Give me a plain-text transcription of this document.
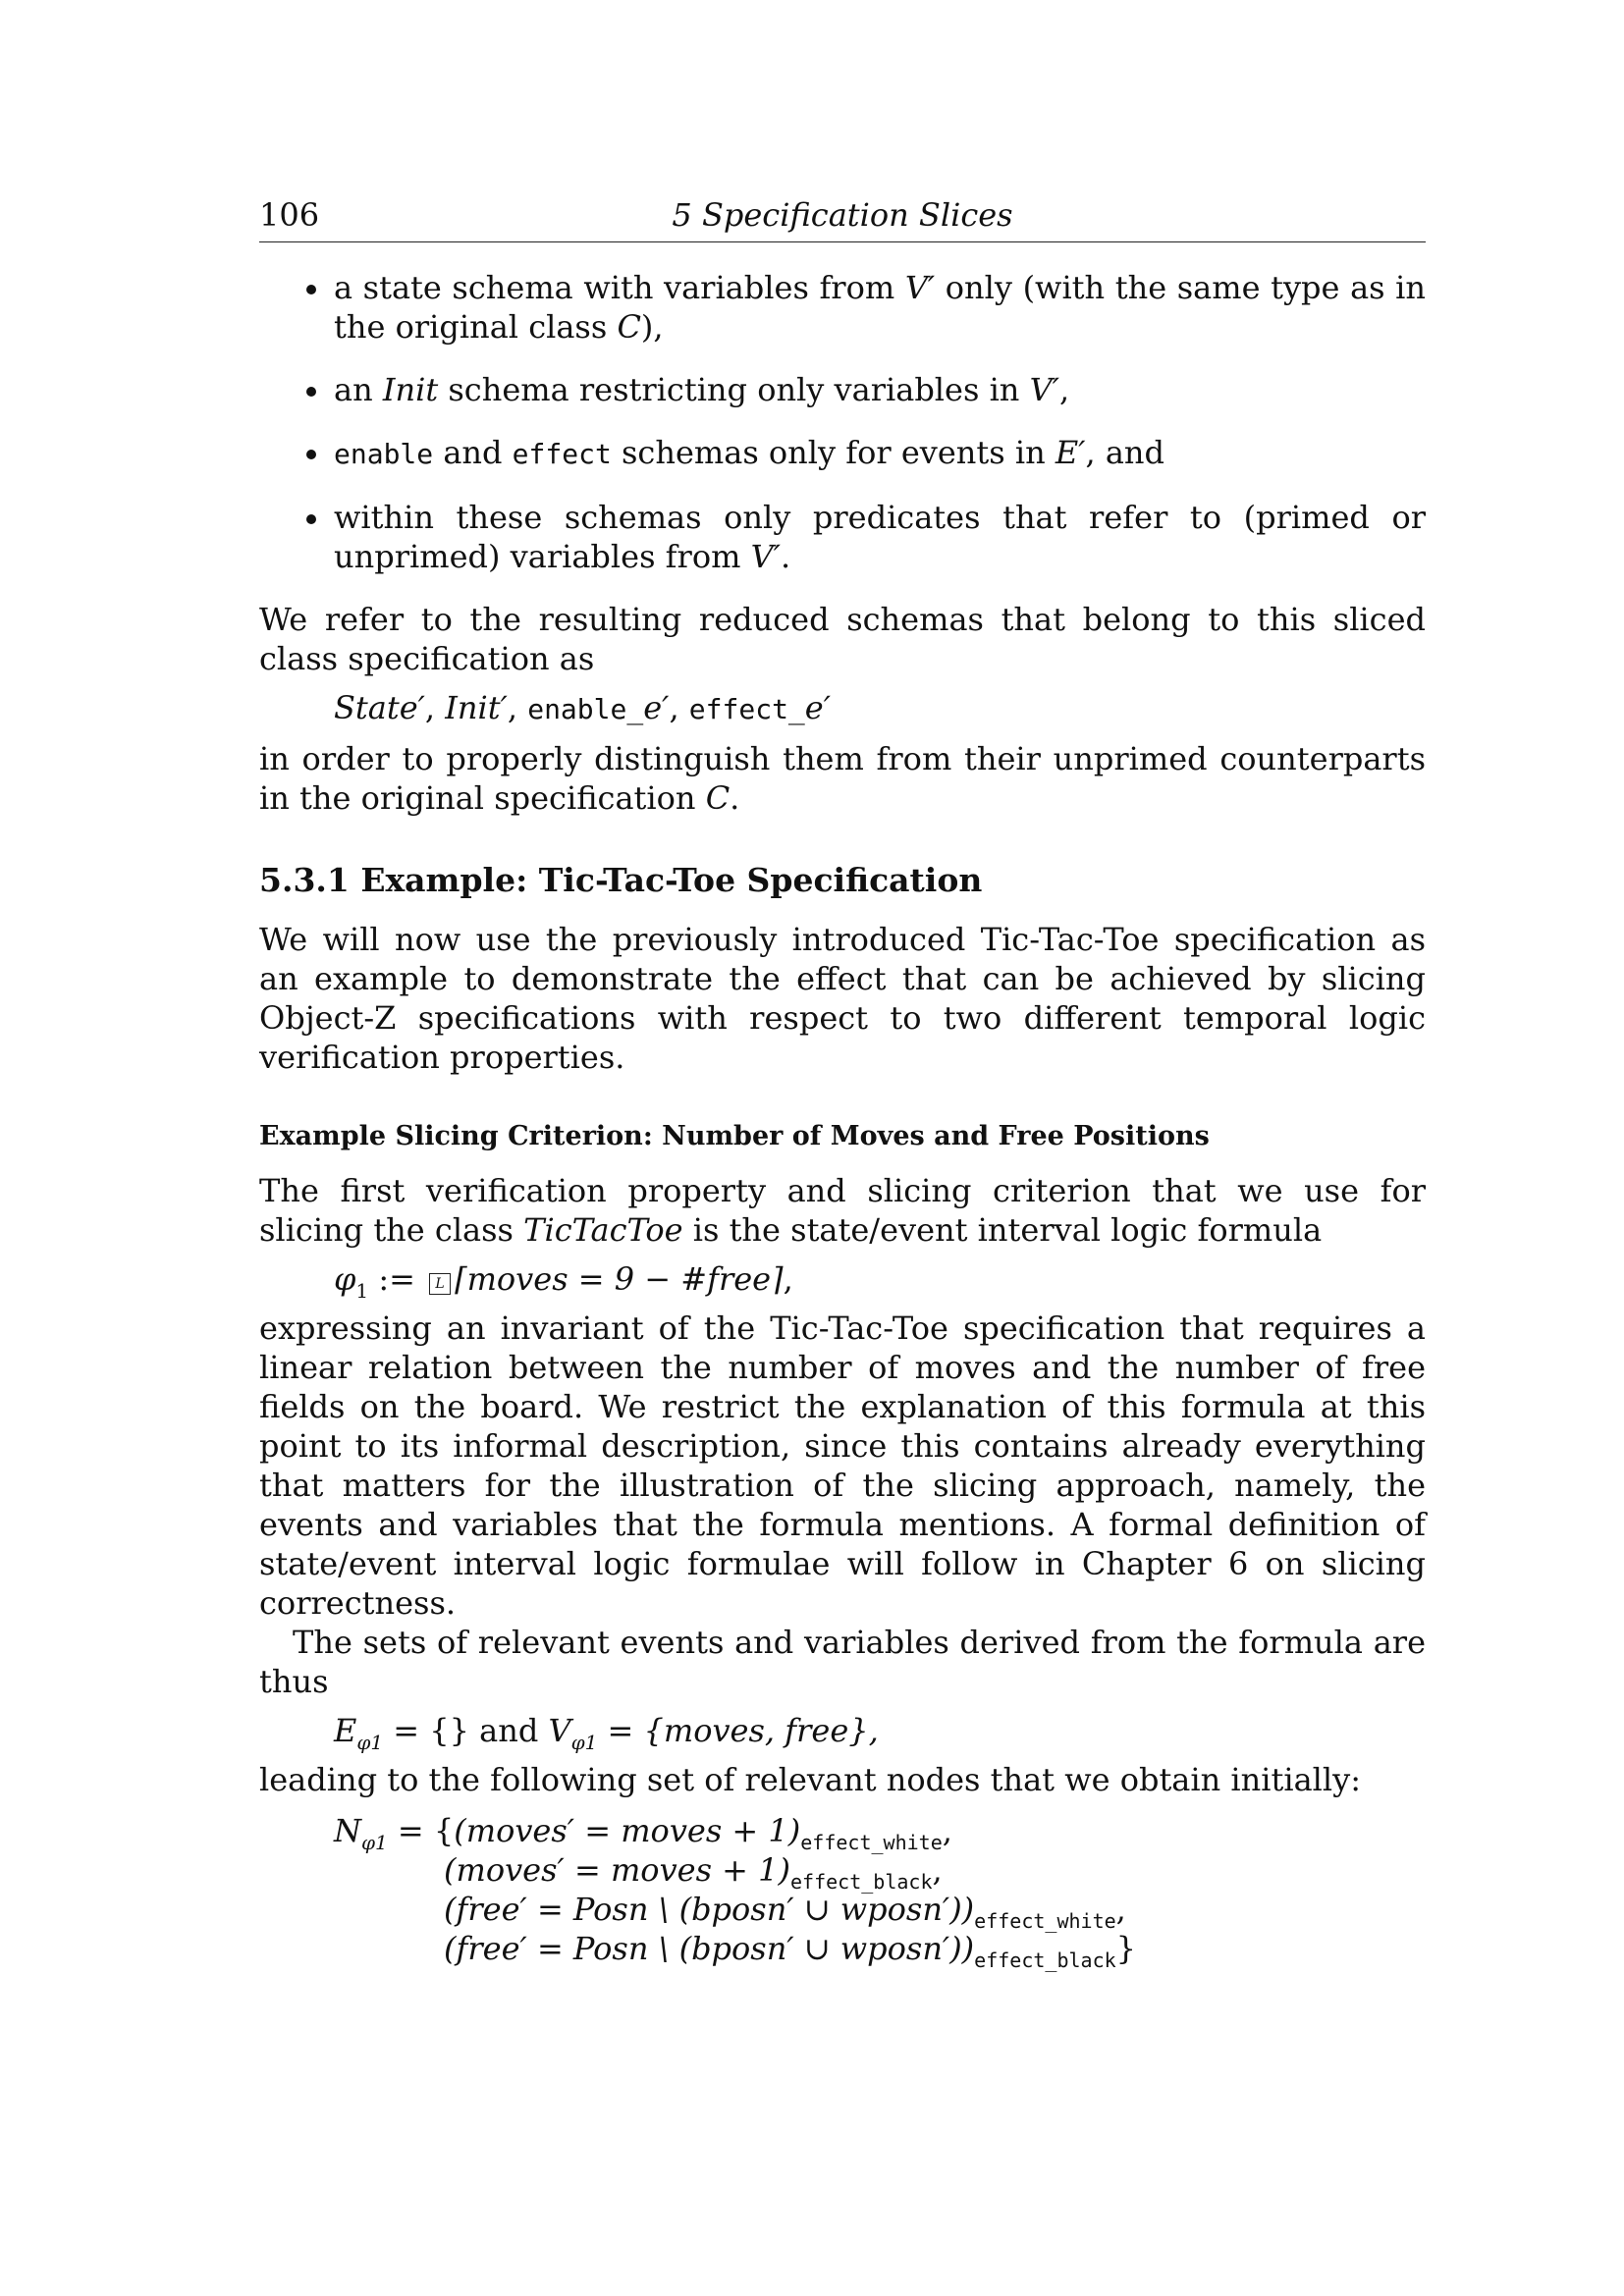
106	5 Specification Slices
a state schema with variables from V′ only (with the same type as in the original class C),
an Init schema restricting only variables in V′,
enable and effect schemas only for events in E′, and
within these schemas only predicates that refer to (primed or unprimed) variables from V′.

We refer to the resulting reduced schemas that belong to this sliced class specification as

State′, Init′, enable_e′, effect_e′

in order to properly distinguish them from their unprimed counterparts in the original specification C.

5.3.1 Example: Tic-Tac-Toe Specification

We will now use the previously introduced Tic-Tac-Toe specification as an example to demonstrate the effect that can be achieved by slicing Object-Z specifications with respect to two different temporal logic verification properties.

Example Slicing Criterion: Number of Moves and Free Positions

The first verification property and slicing criterion that we use for slicing the class TicTacToe is the state/event interval logic formula

$\varphi_1$ := L ⌈moves = 9 − #free⌉,

expressing an invariant of the Tic-Tac-Toe specification that requires a linear relation between the number of moves and the number of free fields on the board. We restrict the explanation of this formula at this point to its informal description, since this contains already everything that matters for the illustration of the slicing approach, namely, the events and variables that the formula mentions. A formal definition of state/event interval logic formulae will follow in Chapter 6 on slicing correctness.

The sets of relevant events and variables derived from the formula are thus

$E_{\varphi 1}$ = {} and $V_{\varphi 1}$ = {moves, free},

leading to the following set of relevant nodes that we obtain initially:

$N_{\varphi 1}$ = {(moves′ = moves + $1)_{effect\_white}$,
(moves′ = moves + $1)_{effect\_black}$,
(free′ = Posn \ (bposn′ ∪ $wposn'))_{effect\_white}$,
(free′ = Posn \ (bposn′ ∪ $wposn'))_{effect\_black}$}
